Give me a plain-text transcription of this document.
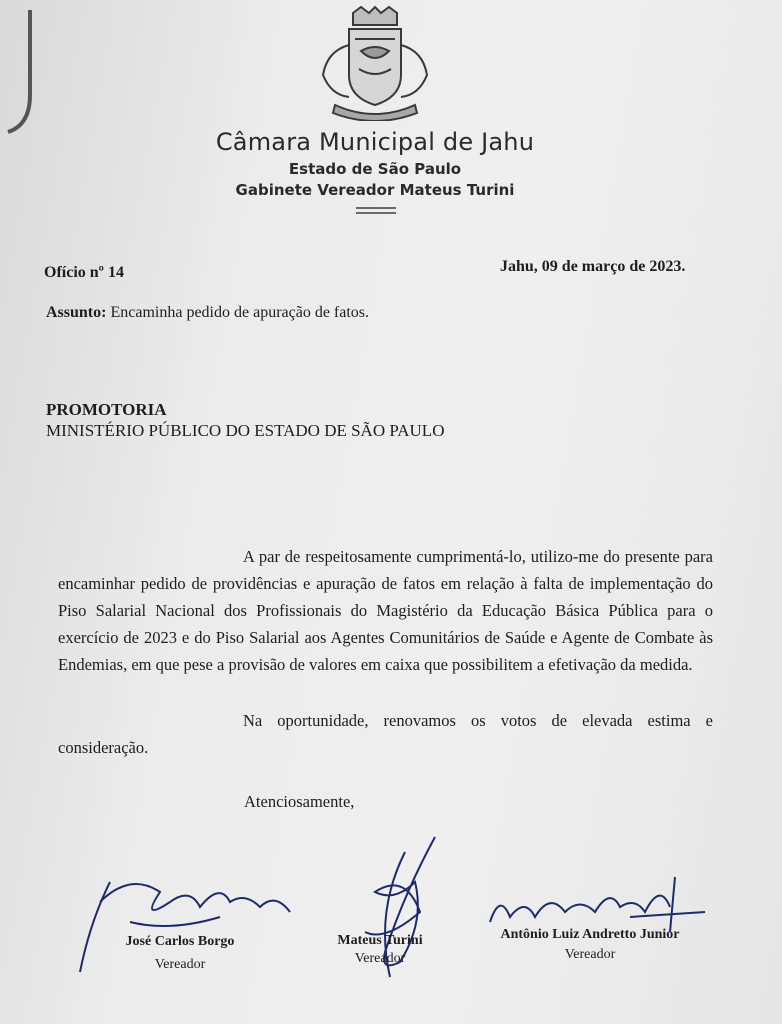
Câmara Municipal de Jahu
Estado de São Paulo
Gabinete Vereador Mateus Turini
Ofício nº 14	Jahu, 09 de março de 2023.
Assunto: Encaminha pedido de apuração de fatos.
PROMOTORIA
MINISTÉRIO PÚBLICO DO ESTADO DE SÃO PAULO
A par de respeitosamente cumprimentá-lo, utilizo-me do presente para encaminhar pedido de providências e apuração de fatos em relação à falta de implementação do Piso Salarial Nacional dos Profissionais do Magistério da Educação Básica Pública para o exercício de 2023 e do Piso Salarial aos Agentes Comunitários de Saúde e Agente de Combate às Endemias, em que pese a provisão de valores em caixa que possibilitem a efetivação da medida.
Na oportunidade, renovamos os votos de elevada estima e consideração.
Atenciosamente,
José Carlos Borgo
Vereador
Mateus Turini
Vereador
Antônio Luiz Andretto Junior
Vereador
